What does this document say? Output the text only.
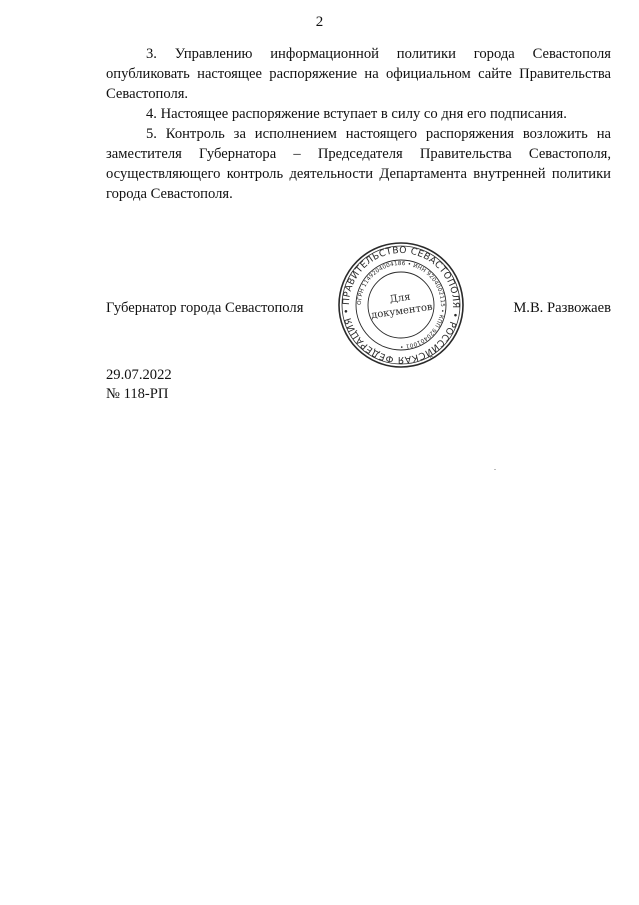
2

3. Управлению информационной политики города Севастополя опубликовать настоящее распоряжение на официальном сайте Правительства Севастополя.

4. Настоящее распоряжение вступает в силу со дня его подписания.

5. Контроль за исполнением настоящего распоряжения возложить на заместителя Губернатора – Председателя Правительства Севастополя, осуществляющего контроль деятельности Департамента внутренней политики города Севастополя.

Губернатор города Севастополя	М.В. Развожаев
ПРАВИТЕЛЬСТВО СЕВАСТОПОЛЯ • РОССИЙСКАЯ ФЕДЕРАЦИЯ •
ОГРН 1149204004186 • ИНН 9204002115 • КПП 920401001 •
Для
документов
29.07.2022
№ 118-РП
